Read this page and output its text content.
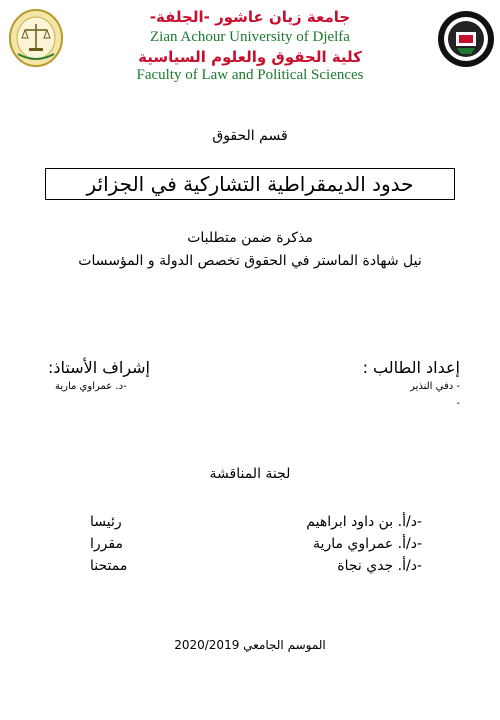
جامعة زيان عاشور -الجلفة-
Zian Achour University of Djelfa
كلية الحقوق والعلوم السياسية
Faculty of Law and Political Sciences
قسم الحقوق
حدود الديمقراطية التشاركية في الجزائر
مذكرة ضمن متطلبات
نيل شهادة الماستر في الحقوق تخصص الدولة و المؤسسات
إعداد الطالب :
- دفي النذير
-
إشراف الأستاذ:
-د. عمراوي مارية
لجنة المناقشة
-د/أ. بن داود ابراهيم
رئيسا
-د/أ. عمراوي مارية
مقررا
-د/أ. جدي نجاة
ممتحنا
الموسم الجامعي 2020/2019
